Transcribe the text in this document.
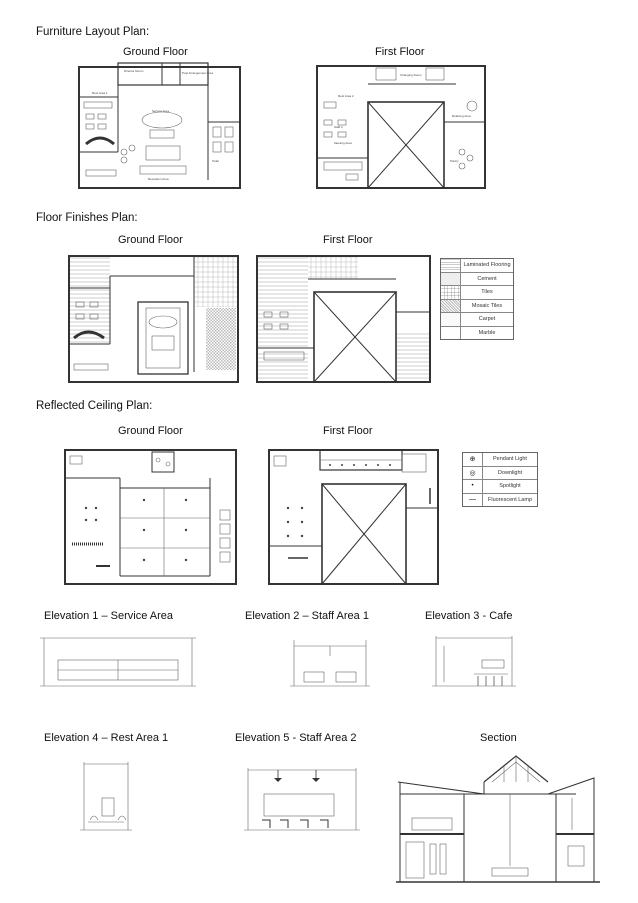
Furniture Layout Plan:
Ground Floor	First Floor
Floor Finishes Plan:
Ground Floor	First Floor
Reflected Ceiling Plan:
Ground Floor	First Floor
Elevation 1 – Service Area	Elevation 2 – Staff Area 1	Elevation 3 - Cafe
Elevation 4 – Rest Area 1	Elevation 5 - Staff Area 2	Section
Rest Area 1
Director Room	Post Arrangement Area
Service Area
Reception Area
Toilet
Rest Area 2
Staff 2
Relaxing Area
Meeting Area
Pantry
Changing Room
Laminated Flooring
Cement
Tiles
Mosaic Tiles
Carpet
Marble
⊕	Pendant Light
◎	Downlight
•	Spotlight
—	Fluorescent Lamp
